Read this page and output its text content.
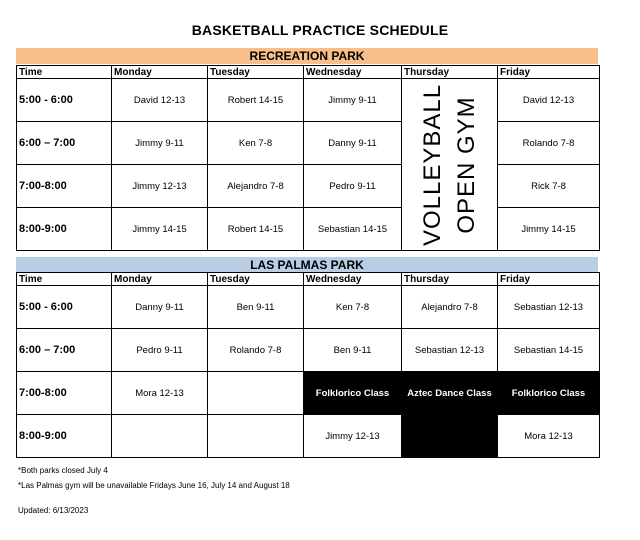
BASKETBALL PRACTICE SCHEDULE
RECREATION PARK
Time	Monday	Tuesday	Wednesday	Thursday	Friday
5:00 - 6:00	David 12-13	Robert 14-15	Jimmy 9-11	VOLLEYBALL OPEN GYM	David 12-13
6:00 – 7:00	Jimmy 9-11	Ken 7-8	Danny 9-11		Rolando 7-8
7:00-8:00	Jimmy 12-13	Alejandro 7-8	Pedro 9-11		Rick 7-8
8:00-9:00	Jimmy 14-15	Robert 14-15	Sebastian 14-15		Jimmy 14-15
LAS PALMAS PARK
Time	Monday	Tuesday	Wednesday	Thursday	Friday
5:00 - 6:00	Danny 9-11	Ben 9-11	Ken 7-8	Alejandro 7-8	Sebastian 12-13
6:00 – 7:00	Pedro 9-11	Rolando 7-8	Ben 9-11	Sebastian 12-13	Sebastian 14-15
7:00-8:00	Mora 12-13		Folklorico Class	Aztec Dance Class	Folklorico Class
8:00-9:00			Jimmy 12-13		Mora 12-13
*Both parks closed July 4
*Las Palmas gym will be unavailable Fridays June 16, July 14 and August 18
Updated: 6/13/2023
